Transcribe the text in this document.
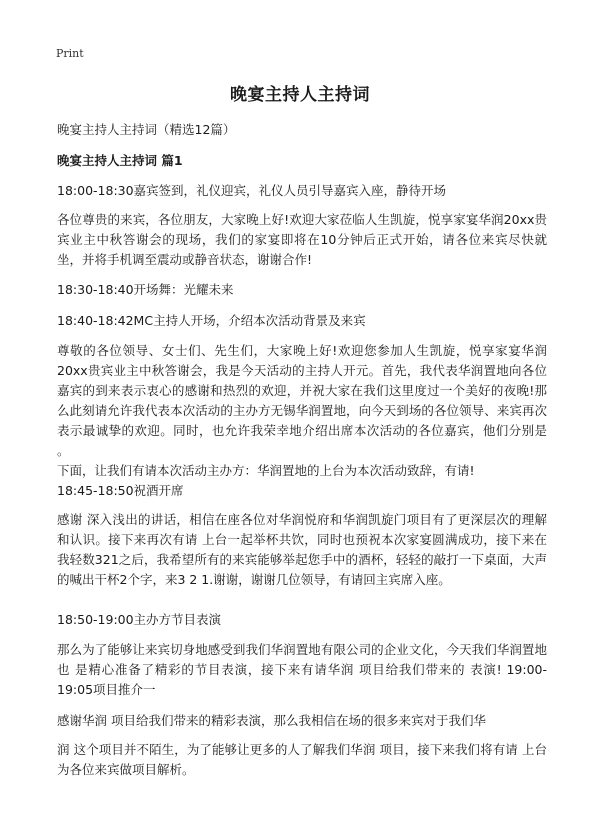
Print
晚宴主持人主持词
晚宴主持人主持词（精选12篇）
晚宴主持人主持词 篇1
18:00-18:30嘉宾签到，礼仪迎宾，礼仪人员引导嘉宾入座，静待开场
各位尊贵的来宾，各位朋友，大家晚上好!欢迎大家莅临人生凯旋，悦享家宴华润20xx贵宾业主中秋答谢会的现场，我们的家宴即将在10分钟后正式开始，请各位来宾尽快就坐，并将手机调至震动或静音状态，谢谢合作!
18:30-18:40开场舞：光耀未来
18:40-18:42MC主持人开场，介绍本次活动背景及来宾
尊敬的各位领导、女士们、先生们，大家晚上好!欢迎您参加人生凯旋，悦享家宴华润20xx贵宾业主中秋答谢会，我是今天活动的主持人开元。首先，我代表华润置地向各位嘉宾的到来表示衷心的感谢和热烈的欢迎，并祝大家在我们这里度过一个美好的夜晚!那么此刻请允许我代表本次活动的主办方无锡华润置地，向今天到场的各位领导、来宾再次表示最诚挚的欢迎。同时，也允许我荣幸地介绍出席本次活动的各位嘉宾，他们分别是 。
下面，让我们有请本次活动主办方：华润置地的上台为本次活动致辞，有请!
18:45-18:50祝酒开席
感谢 深入浅出的讲话，相信在座各位对华润悦府和华润凯旋门项目有了更深层次的理解和认识。接下来再次有请 上台一起举杯共饮，同时也预祝本次家宴圆满成功，接下来在我轻数321之后，我希望所有的来宾能够举起您手中的酒杯，轻轻的敲打一下桌面，大声的喊出干杯2个字，来3 2 1.谢谢，谢谢几位领导，有请回主宾席入座。
18:50-19:00主办方节目表演
那么为了能够让来宾切身地感受到我们华润置地有限公司的企业文化，今天我们华润置地也 是精心准备了精彩的节目表演，接下来有请华润 项目给我们带来的 表演! 19:00-19:05项目推介一
感谢华润 项目给我们带来的精彩表演，那么我相信在场的很多来宾对于我们华
润 这个项目并不陌生，为了能够让更多的人了解我们华润 项目，接下来我们将有请 上台为各位来宾做项目解析。
